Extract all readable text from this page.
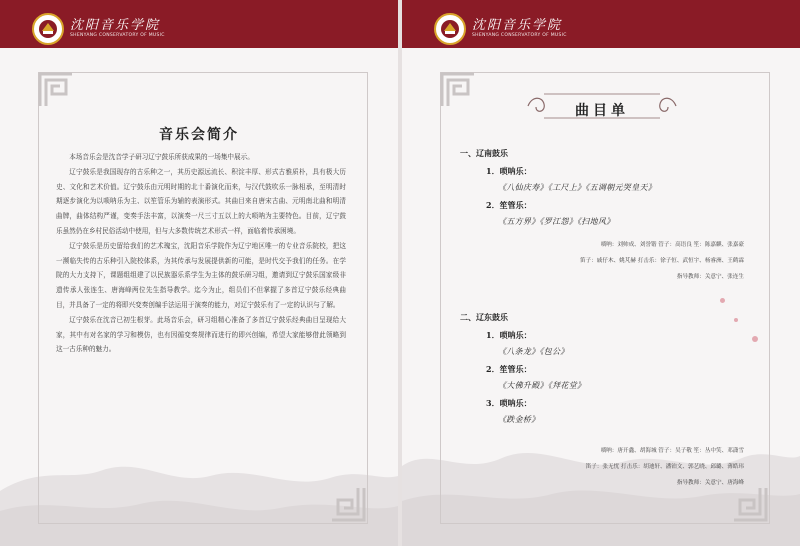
沈阳音乐学院
SHENYANG CONSERVATORY OF MUSIC
音乐会简介

本场音乐会是沈音学子研习辽宁鼓乐所获成果的一场集中展示。

辽宁鼓乐是我国现存的古乐种之一，其历史源远流长、积淀丰厚、形式古雅质朴，具有极大历史、文化和艺术价值。辽宁鼓乐由元明时期的北十番演化而来，与汉代鼓吹乐一脉相承，至明清时期逐步演化为以唢呐乐为主、以笙管乐为辅的表演形式。其曲目来自唐宋古曲、元明南北曲和明清曲牌，曲体结构严谨，变奏手法丰富，以演奏一尺三寸五以上的大唢呐为主要特色。目前，辽宁鼓乐虽然仍在乡村民俗活动中使用，但与大多数传统艺术形式一样，面临着传承困境。

辽宁鼓乐是历史留给我们的艺术瑰宝，沈阳音乐学院作为辽宁地区唯一的专业音乐院校，把这一濒临失传的古乐种引入院校体系，为其传承与发展提供新的可能，是时代交予我们的任务。在学院的大力支持下，课题组组建了以民族器乐系学生为主体的鼓乐研习组，邀请到辽宁鼓乐国家级非遗传承人张连生、唐海峰两位先生指导教学。迄今为止，组员们不但掌握了多首辽宁鼓乐经典曲目，并具备了一定的将即兴变奏创编手法运用于演奏的能力，对辽宁鼓乐有了一定的认识与了解。

辽宁鼓乐在沈音已初生根芽。此场音乐会，研习组精心准备了多首辽宁鼓乐经典曲目呈现给大家，其中有对名家的学习和模仿，也有因循变奏规律而进行的即兴创编，希望大家能够借此领略到这一古乐种的魅力。

沈阳音乐学院
SHENYANG CONSERVATORY OF MUSIC
曲目单
一、辽南鼓乐
1．唢呐乐：
《八仙庆寿》《工尺上》《五调朝元哭皇天》
2．笙管乐：
《五方界》《罗江怨》《扫地风》
唢呐：刘帅成、刘誉锴 管子：高语良 笙：陈嘉麒、张嘉豪
笛子：戚仔木、姚芃赫 打击乐：徐子恒、武恒宇、杨睿洲、王鹤霖
指导教师：关意宁、张连生
二、辽东鼓乐
1．唢呐乐：
《八条龙》《包公》
2．笙管乐：
《大佛升殿》《拜花堂》
3．唢呐乐：
《跌金桥》
唢呐：唐开鑫、胡海城 管子：吴子敬 笙：丛中笑、邓潇雪
笛子：张无忧 打击乐：胡迪轩、潘铂文、郭艺晓、邱璐、薄皓玮
指导教师：关意宁、唐海峰
